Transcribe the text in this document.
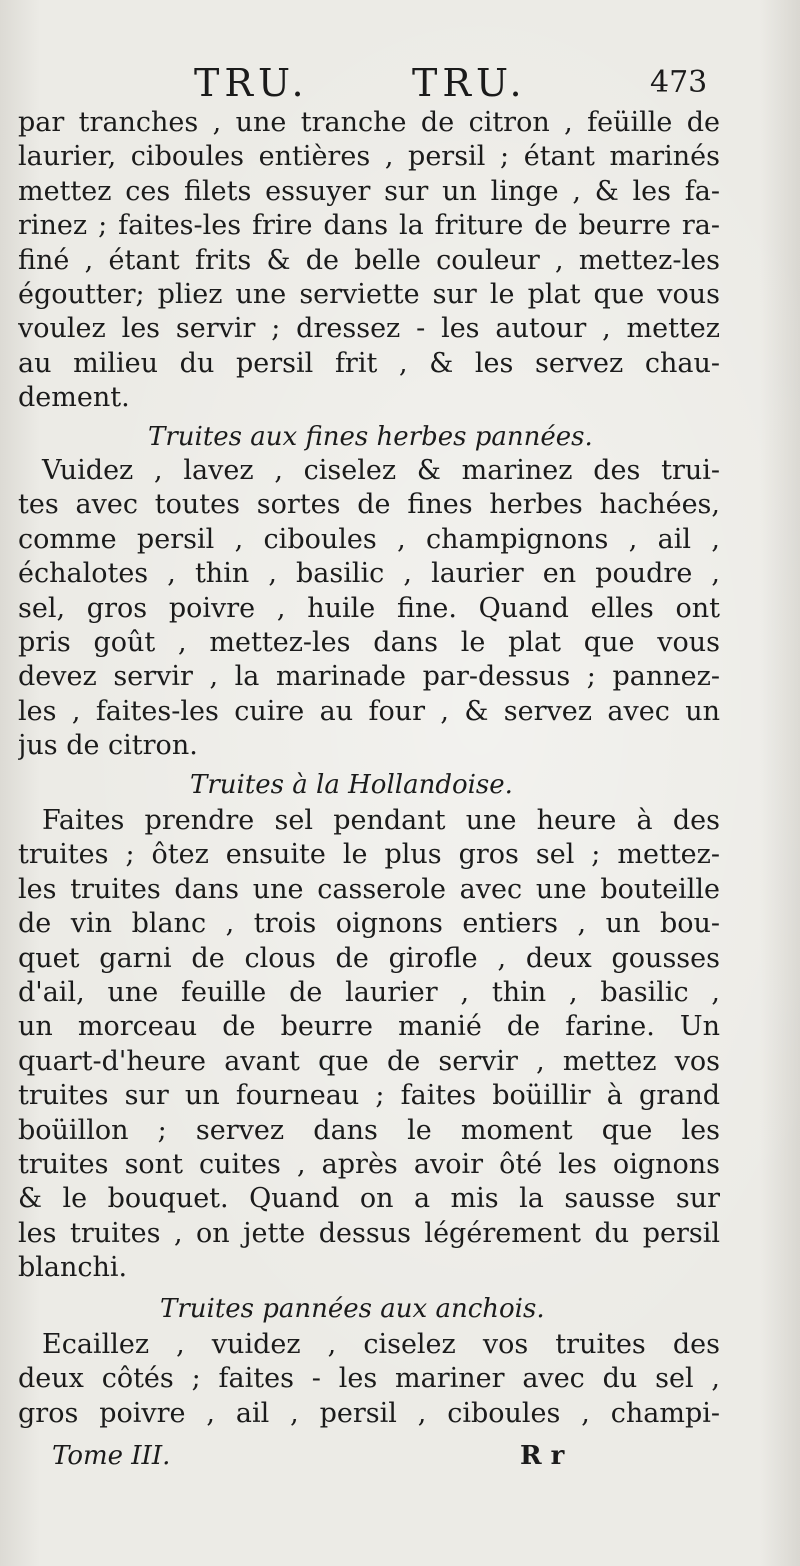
TRU.	TRU.	473
par tranches , une tranche de citron , feüille de
laurier, ciboules entières , persil ; étant marinés
mettez ces filets essuyer sur un linge , & les fa-
rinez ; faites-les frire dans la friture de beurre ra-
finé , étant frits & de belle couleur , mettez-les
égoutter; pliez une serviette sur le plat que vous
voulez les servir ; dressez - les autour , mettez
au milieu du persil frit , & les servez chau-
dement.
Truites aux fines herbes pannées.
Vuidez , lavez , ciselez & marinez des trui-
tes avec toutes sortes de fines herbes hachées,
comme persil , ciboules , champignons , ail ,
échalotes , thin , basilic , laurier en poudre ,
sel, gros poivre , huile fine. Quand elles ont
pris goût , mettez-les dans le plat que vous
devez servir , la marinade par-dessus ; pannez-
les , faites-les cuire au four , & servez avec un
jus de citron.
Truites à la Hollandoise.
Faites prendre sel pendant une heure à des
truites ; ôtez ensuite le plus gros sel ; mettez-
les truites dans une casserole avec une bouteille
de vin blanc , trois oignons entiers , un bou-
quet garni de clous de girofle , deux gousses
d'ail, une feuille de laurier , thin , basilic ,
un morceau de beurre manié de farine. Un
quart-d'heure avant que de servir , mettez vos
truites sur un fourneau ; faites boüillir à grand
boüillon ; servez dans le moment que les
truites sont cuites , après avoir ôté les oignons
& le bouquet. Quand on a mis la sausse sur
les truites , on jette dessus légérement du persil
blanchi.
Truites pannées aux anchois.
Ecaillez , vuidez , ciselez vos truites des
deux côtés ; faites - les mariner avec du sel ,
gros poivre , ail , persil , ciboules , champi-
Tome III.	R r
